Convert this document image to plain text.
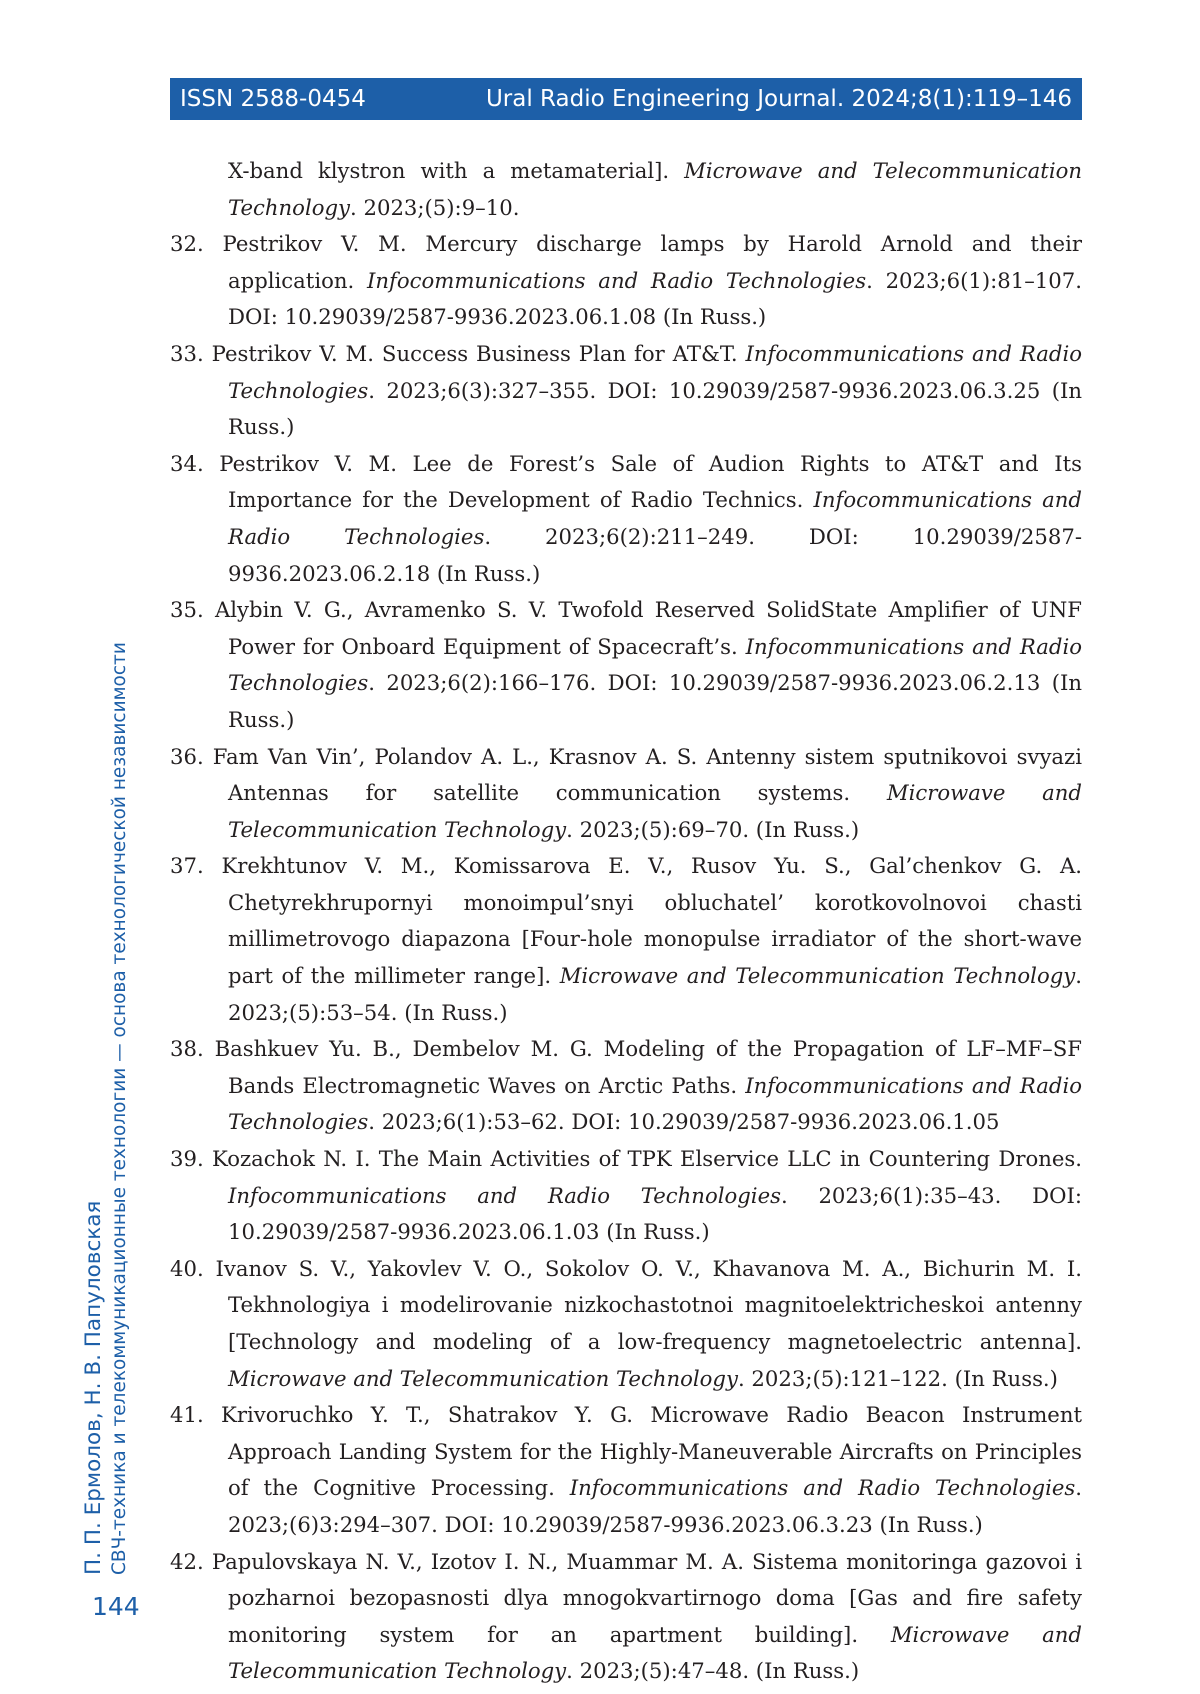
ISSN 2588-0454	Ural Radio Engineering Journal. 2024;8(1):119–146
X-band klystron with a metamaterial]. Microwave and Telecommunication Technology. 2023;(5):9–10.
32. Pestrikov V. M. Mercury discharge lamps by Harold Arnold and their application. Infocommunications and Radio Technologies. 2023;6(1):81–107. DOI: 10.29039/2587-9936.2023.06.1.08 (In Russ.)
33. Pestrikov V. M. Success Business Plan for AT&T. Infocommunications and Radio Technologies. 2023;6(3):327–355. DOI: 10.29039/2587-9936.2023.06.3.25 (In Russ.)
34. Pestrikov V. M. Lee de Forest’s Sale of Audion Rights to AT&T and Its Importance for the Development of Radio Technics. Infocommunications and Radio Technologies. 2023;6(2):211–249. DOI: 10.29039/2587-9936.2023.06.2.18 (In Russ.)
35. Alybin V. G., Avramenko S. V. Twofold Reserved SolidState Amplifier of UNF Power for Onboard Equipment of Spacecraft’s. Infocommunications and Radio Technologies. 2023;6(2):166–176. DOI: 10.29039/2587-9936.2023.06.2.13 (In Russ.)
36. Fam Van Vin’, Polandov A. L., Krasnov A. S. Antenny sistem sputnikovoi svyazi Antennas for satellite communication systems. Microwave and Telecommunication Technology. 2023;(5):69–70. (In Russ.)
37. Krekhtunov V. M., Komissarova E. V., Rusov Yu. S., Gal’chenkov G. A. Chetyrekhrupornyi monoimpul’snyi obluchatel’ korotkovolnovoi chasti millimetrovogo diapazona [Four-hole monopulse irradiator of the short-wave part of the millimeter range]. Microwave and Telecommunication Technology. 2023;(5):53–54. (In Russ.)
38. Bashkuev Yu. B., Dembelov M. G. Modeling of the Propagation of LF–MF–SF Bands Electromagnetic Waves on Arctic Paths. Infocommunications and Radio Technologies. 2023;6(1):53–62. DOI: 10.29039/2587-9936.2023.06.1.05
39. Kozachok N. I. The Main Activities of TPK Elservice LLC in Countering Drones. Infocommunications and Radio Technologies. 2023;6(1):35–43. DOI: 10.29039/2587-9936.2023.06.1.03 (In Russ.)
40. Ivanov S. V., Yakovlev V. O., Sokolov O. V., Khavanova M. A., Bichurin M. I. Tekhnologiya i modelirovanie nizkochastotnoi magnitoelektricheskoi antenny [Technology and modeling of a low-frequency magnetoelectric antenna]. Microwave and Telecommunication Technology. 2023;(5):121–122. (In Russ.)
41. Krivoruchko Y. T., Shatrakov Y. G. Microwave Radio Beacon Instrument Approach Landing System for the Highly-Maneuverable Aircrafts on Principles of the Cognitive Processing. Infocommunications and Radio Technologies. 2023;(6)3:294–307. DOI: 10.29039/2587-9936.2023.06.3.23 (In Russ.)
42. Papulovskaya N. V., Izotov I. N., Muammar M. A. Sistema monitoringa gazovoi i pozharnoi bezopasnosti dlya mnogokvartirnogo doma [Gas and fire safety monitoring system for an apartment building]. Microwave and Telecommunication Technology. 2023;(5):47–48. (In Russ.)
П. П. Ермолов, Н. В. Папуловская СВЧ-техника и телекоммуникационные технологии — основа технологической независимости
144
